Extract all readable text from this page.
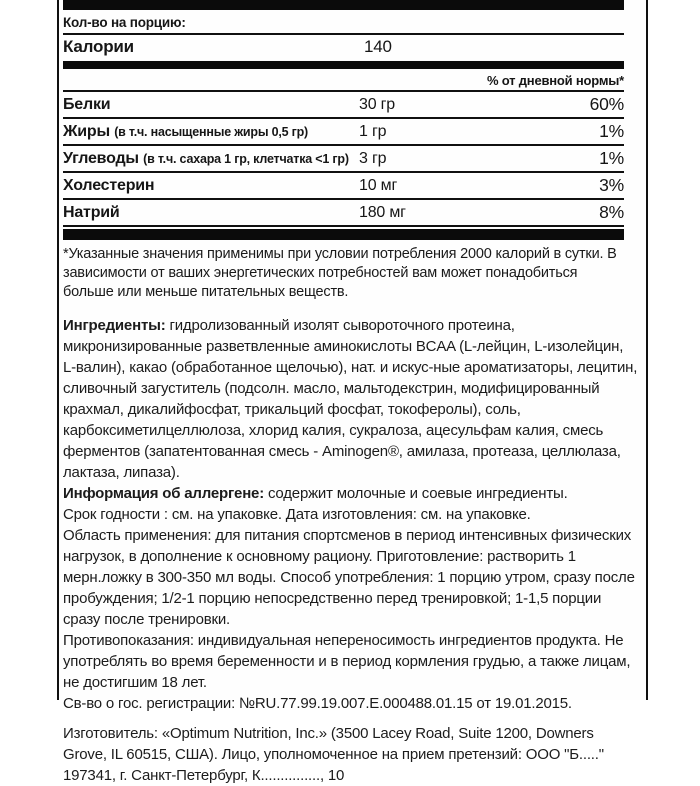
Кол-во на порцию:
Калории	140
% от дневной нормы*
Белки	30 гр	60%
Жиры (в т.ч. насыщенные жиры 0,5 гр)	1 гр	1%
Углеводы (в т.ч. сахара 1 гр, клетчатка <1 гр) 3 гр	1%
Холестерин	10 мг	3%
Натрий	180 мг	8%
*Указанные значения применимы при условии потребления 2000 калорий в сутки. В зависимости от ваших энергетических потребностей вам может понадобиться больше или меньше питательных веществ.

Ингредиенты: гидролизованный изолят сывороточного протеина, микронизированные разветвленные аминокислоты BCAA (L-лейцин, L-изолейцин, L-валин), какао (обработанное щелочью), нат. и искус-ные ароматизаторы, лецитин, сливочный загуститель (подсолн. масло, мальтодекстрин, модифицированный крахмал, дикалийфосфат, трикальций фосфат, токоферолы), соль, карбоксиметилцеллюлоза, хлорид калия, сукралоза, ацесульфам калия, смесь ферментов (запатентованная смесь - Aminogen®, амилаза, протеаза, целлюлаза, лактаза, липаза).

Информация об аллергене: содержит молочные и соевые ингредиенты.

Срок годности : см. на упаковке. Дата изготовления: см. на упаковке.

Область применения: для питания спортсменов в период интенсивных физических нагрузок, в дополнение к основному рациону. Приготовление: растворить 1 мерн.ложку в 300-350 мл воды. Способ употребления: 1 порцию утром, сразу после пробуждения; 1/2-1 порцию непосредственно перед тренировкой; 1-1,5 порции сразу после тренировки.

Противопоказания: индивидуальная непереносимость ингредиентов продукта. Не употреблять во время беременности и в период кормления грудью, а также лицам, не достигшим 18 лет.

Св-во о гос. регистрации: №RU.77.99.19.007.Е.000488.01.15 от 19.01.2015.

Изготовитель: «Optimum Nutrition, Inc.» (3500 Lacey Road, Suite 1200, Downers Grove, IL 60515, США). Лицо, уполномоченное на прием претензий: ООО "Б....." 197341, г. Санкт-Петербург, К..............., 10
